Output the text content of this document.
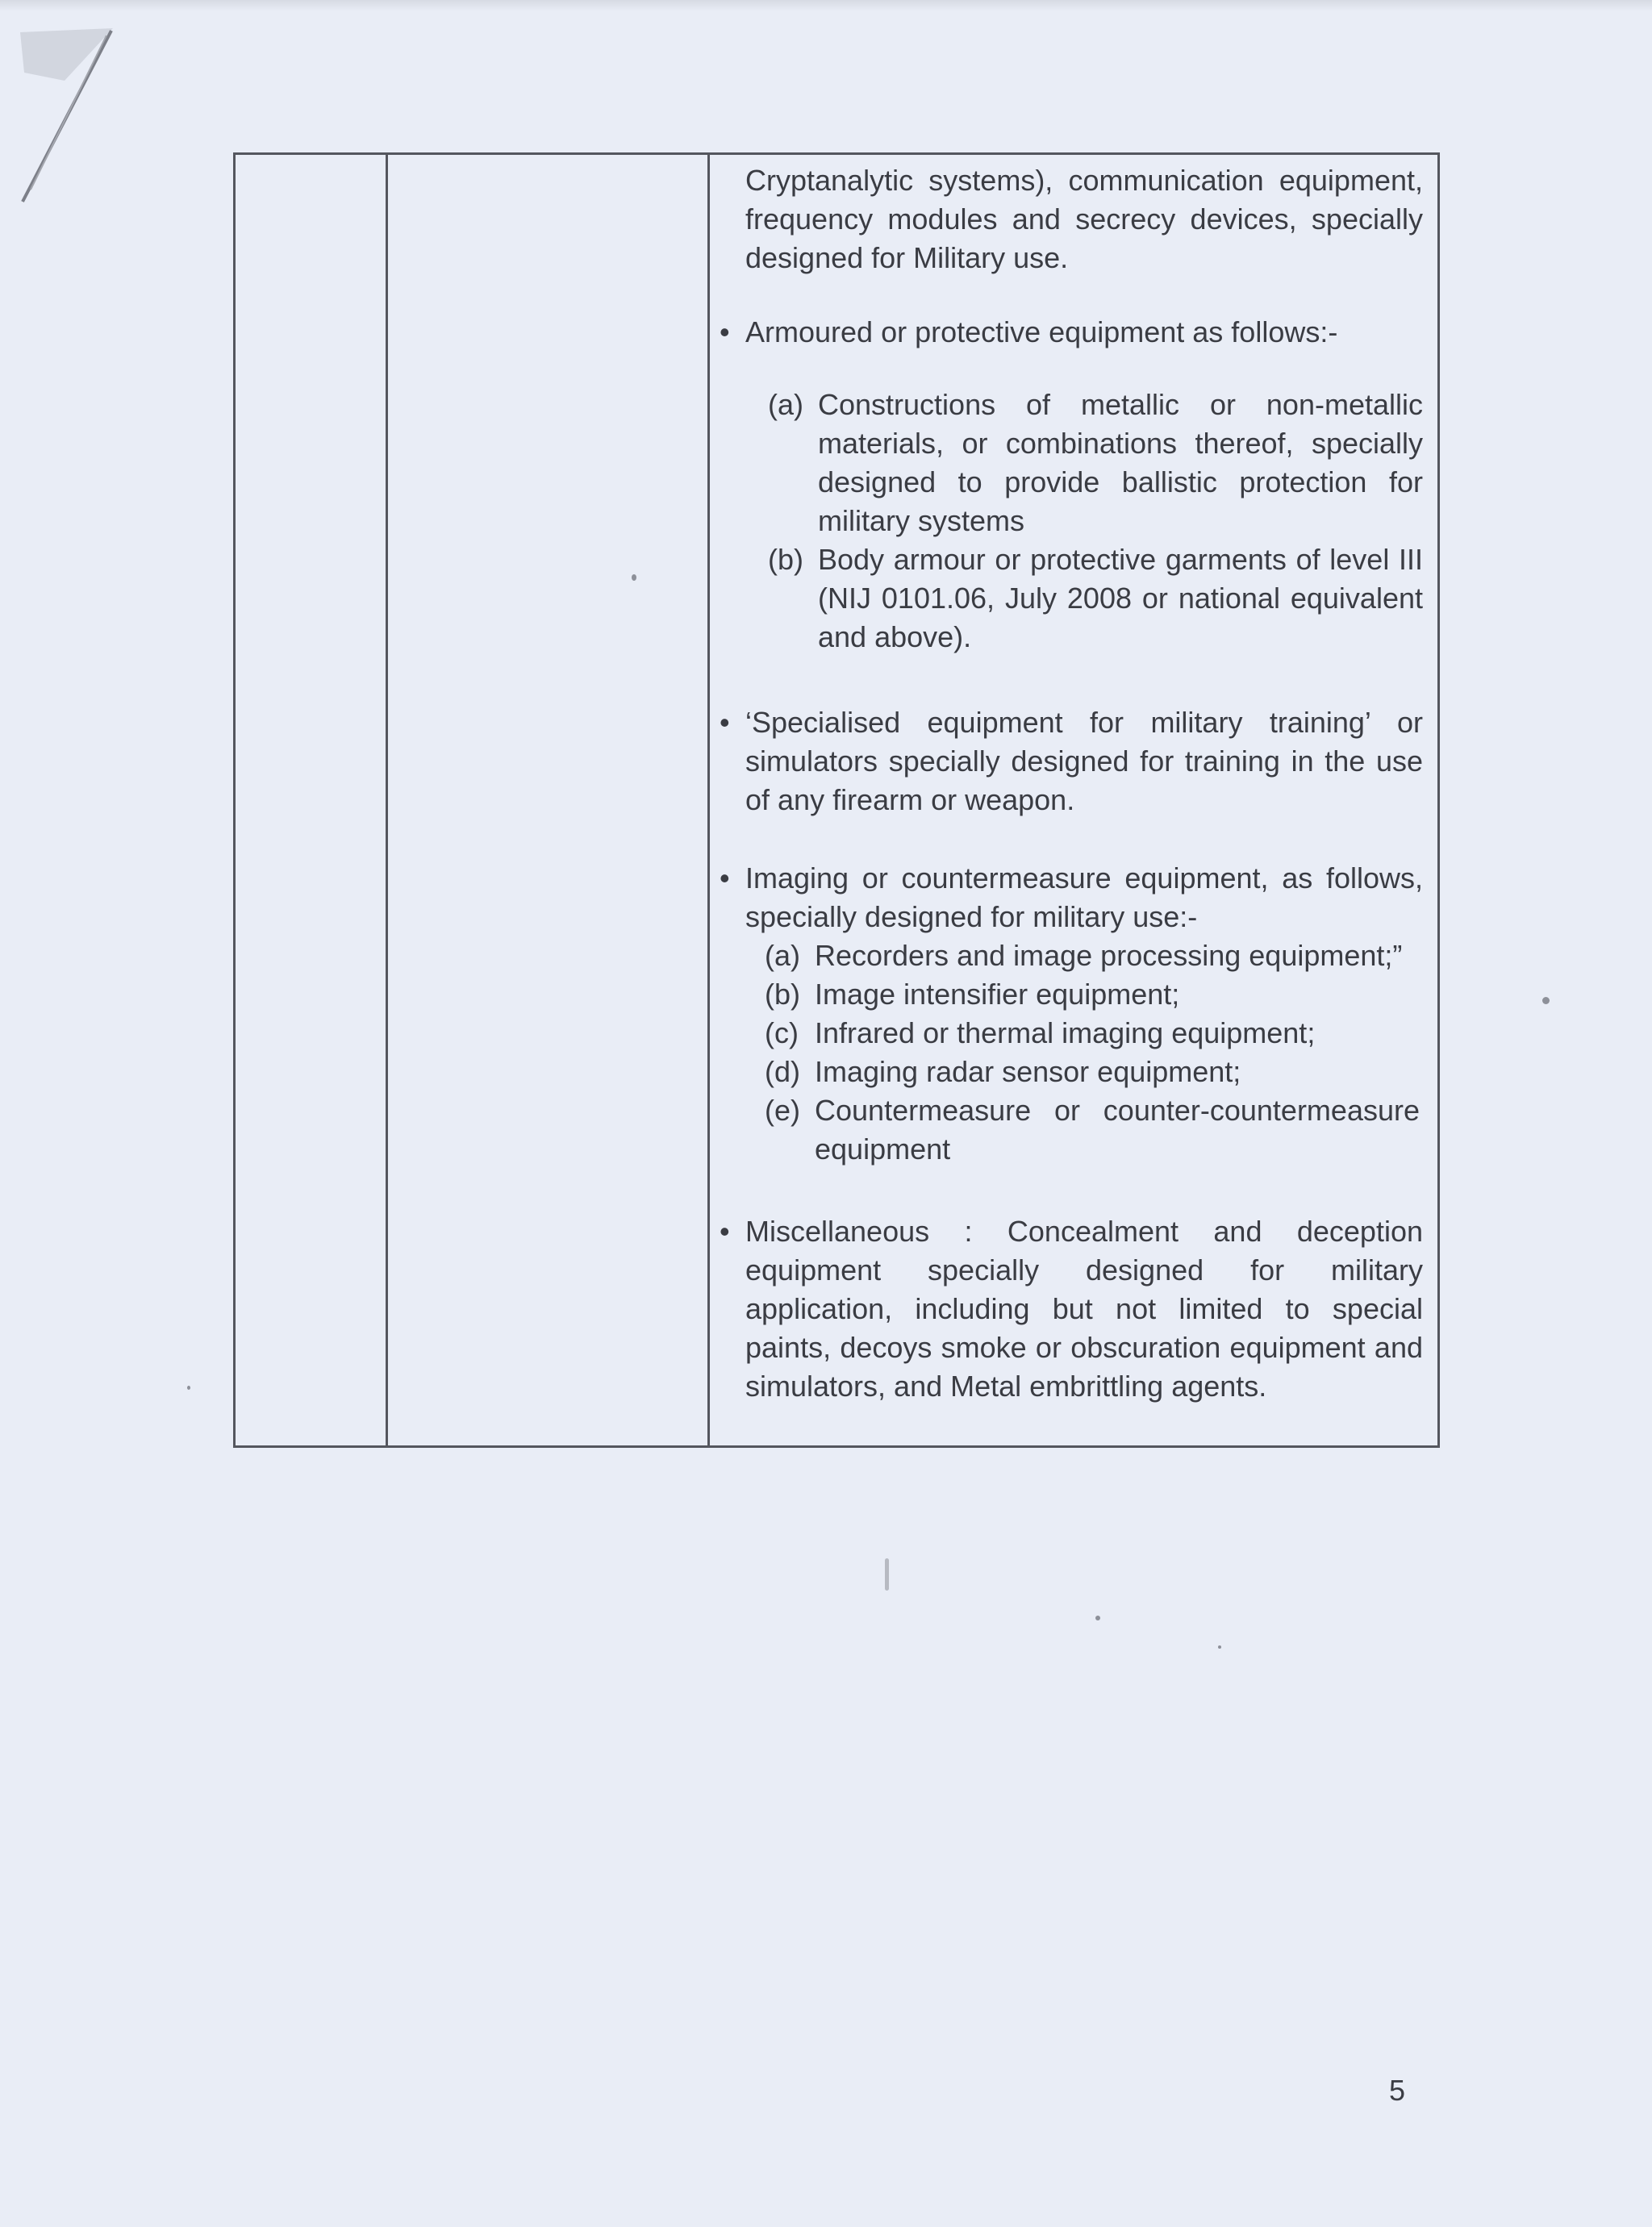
Cryptanalytic systems), communication equipment, frequency modules and secrecy devices, specially designed for Military use.

• Armoured or protective equipment as follows:-

(a) Constructions of metallic or non-metallic materials, or combinations thereof, specially designed to provide ballistic protection for military systems

(b) Body armour or protective garments of level III (NIJ 0101.06, July 2008 or national equivalent and above).

• ‘Specialised equipment for military training’ or simulators specially designed for training in the use of any firearm or weapon.

• Imaging or countermeasure equipment, as follows, specially designed for military use:-

(a) Recorders and image processing equipment;”

(b) Image intensifier equipment;

(c) Infrared or thermal imaging equipment;

(d) Imaging radar sensor equipment;

(e) Countermeasure or counter-countermeasure equipment

• Miscellaneous : Concealment and deception equipment specially designed for military application, including but not limited to special paints, decoys smoke or obscuration equipment and simulators, and Metal embrittling agents.

5
